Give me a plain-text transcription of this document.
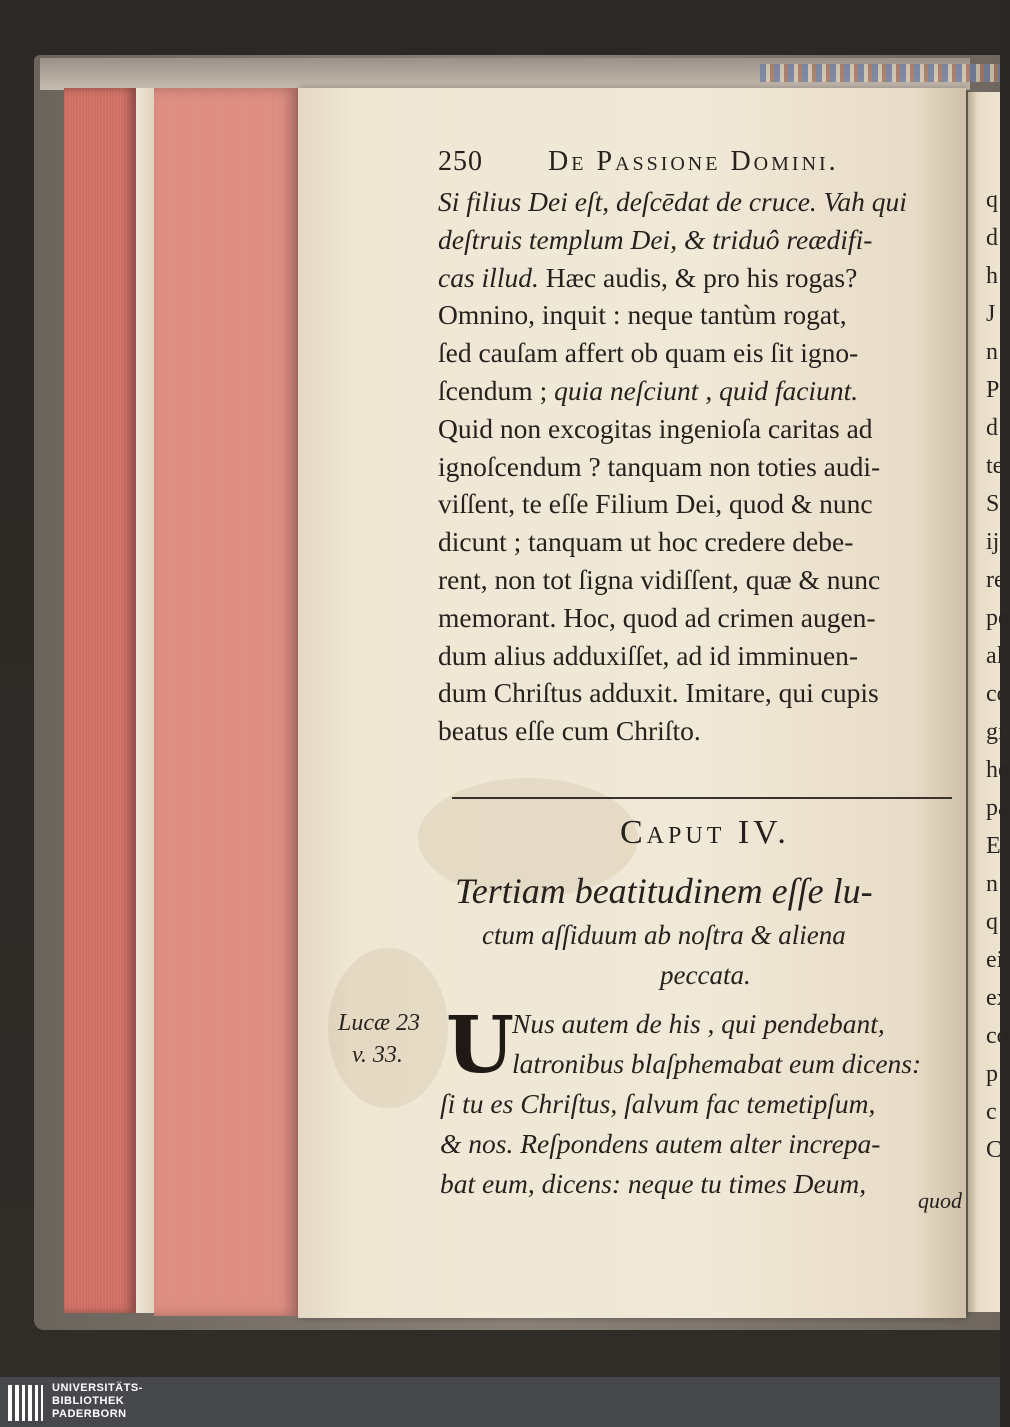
q
d
h
J
n
P
d
te
S
ij
re
pe
al
co
gi
ho
pa
E
n
q
ei
ex
co
p
c
C
250 De Passione Domini.
Caput IV.
Tertiam beatitudinem eſſe lu-
ctum aſſiduum ab noſtra & aliena
peccata.
Lucæ 23
v. 33. U
Si filius Dei eſt, deſcēdat de cruce. Vah qui
deſtruis templum Dei, & triduô reædifi-
cas illud. Hæc audis, & pro his rogas?
Omnino, inquit : neque tantùm rogat,
ſed cauſam affert ob quam eis ſit igno-
ſcendum ; quia neſciunt , quid faciunt.
Quid non excogitas ingenioſa caritas ad
ignoſcendum ? tanquam non toties audi-
viſſent, te eſſe Filium Dei, quod & nunc
dicunt ; tanquam ut hoc credere debe-
rent, non tot ſigna vidiſſent, quæ & nunc
memorant. Hoc, quod ad crimen augen-
dum alius adduxiſſet, ad id imminuen-
dum Chriſtus adduxit. Imitare, qui cupis
beatus eſſe cum Chriſto.
Nus autem de his , qui pendebant,
latronibus blaſphemabat eum dicens:
ſi tu es Chriſtus, ſalvum fac temetipſum,
& nos. Reſpondens autem alter increpa-
bat eum, dicens: neque tu times Deum,
quod
UNIVERSITÄTS-
BIBLIOTHEK
PADERBORN
